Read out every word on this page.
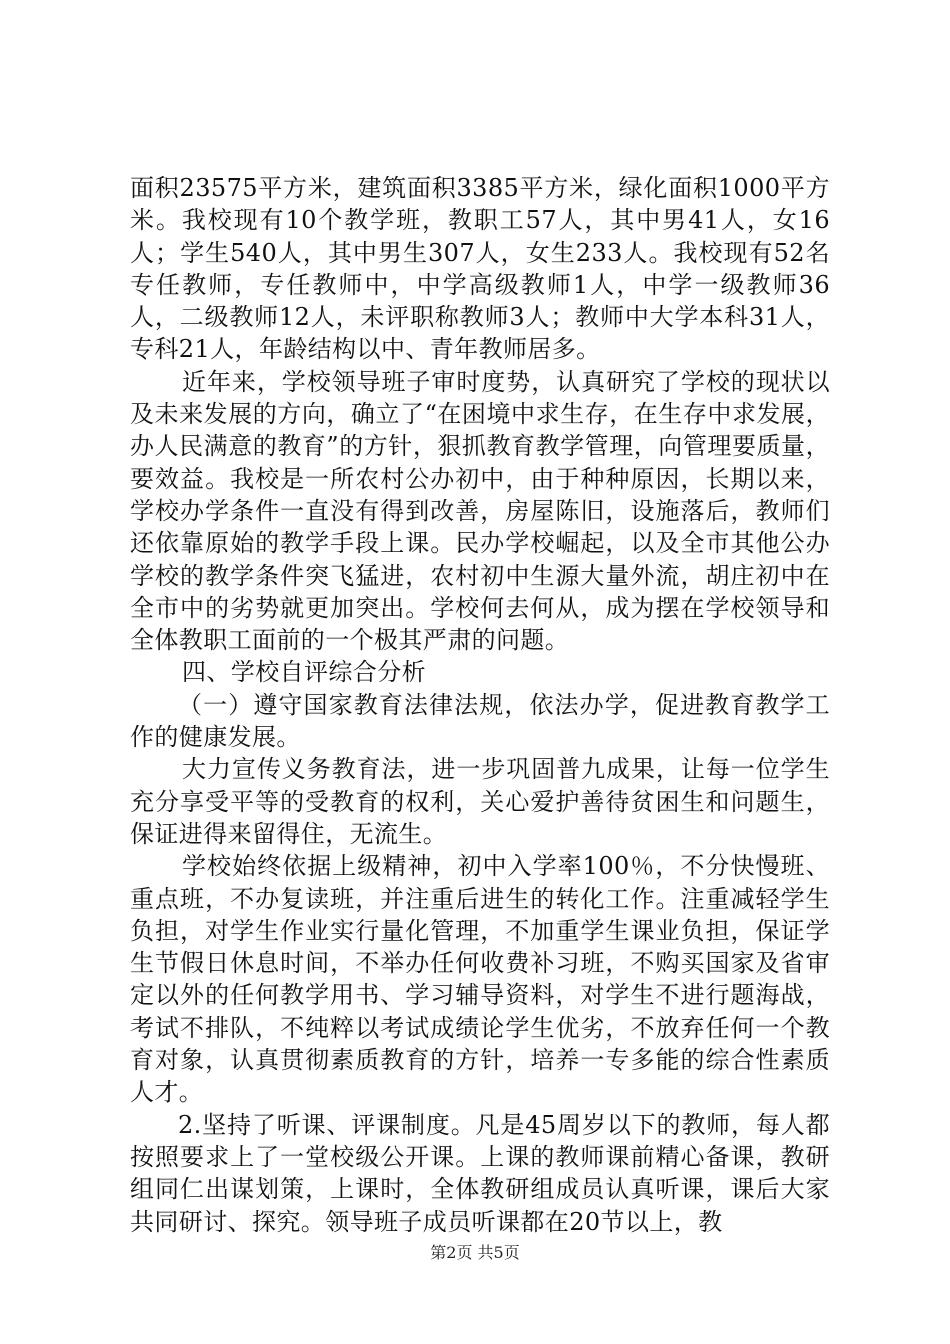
面积23575平方米，建筑面积3385平方米，绿化面积1000平方米。我校现有10个教学班，教职工57人，其中男41人，女16人；学生540人，其中男生307人，女生233人。我校现有52名专任教师，专任教师中，中学高级教师1人，中学一级教师36人，二级教师12人，未评职称教师3人；教师中大学本科31人，专科21人，年龄结构以中、青年教师居多。

近年来，学校领导班子审时度势，认真研究了学校的现状以及未来发展的方向，确立了“在困境中求生存，在生存中求发展，办人民满意的教育”的方针，狠抓教育教学管理，向管理要质量，要效益。我校是一所农村公办初中，由于种种原因，长期以来，学校办学条件一直没有得到改善，房屋陈旧，设施落后，教师们还依靠原始的教学手段上课。民办学校崛起，以及全市其他公办学校的教学条件突飞猛进，农村初中生源大量外流，胡庄初中在全市中的劣势就更加突出。学校何去何从，成为摆在学校领导和全体教职工面前的一个极其严肃的问题。

四、学校自评综合分析

（一）遵守国家教育法律法规，依法办学，促进教育教学工作的健康发展。

大力宣传义务教育法，进一步巩固普九成果，让每一位学生充分享受平等的受教育的权利，关心爱护善待贫困生和问题生，保证进得来留得住，无流生。

学校始终依据上级精神，初中入学率100％，不分快慢班、重点班，不办复读班，并注重后进生的转化工作。注重减轻学生负担，对学生作业实行量化管理，不加重学生课业负担，保证学生节假日休息时间，不举办任何收费补习班，不购买国家及省审定以外的任何教学用书、学习辅导资料，对学生不进行题海战，考试不排队，不纯粹以考试成绩论学生优劣，不放弃任何一个教育对象，认真贯彻素质教育的方针，培养一专多能的综合性素质人才。

2.坚持了听课、评课制度。凡是45周岁以下的教师，每人都按照要求上了一堂校级公开课。上课的教师课前精心备课，教研组同仁出谋划策，上课时，全体教研组成员认真听课，课后大家共同研讨、探究。领导班子成员听课都在20节以上，教

第2页 共5页
